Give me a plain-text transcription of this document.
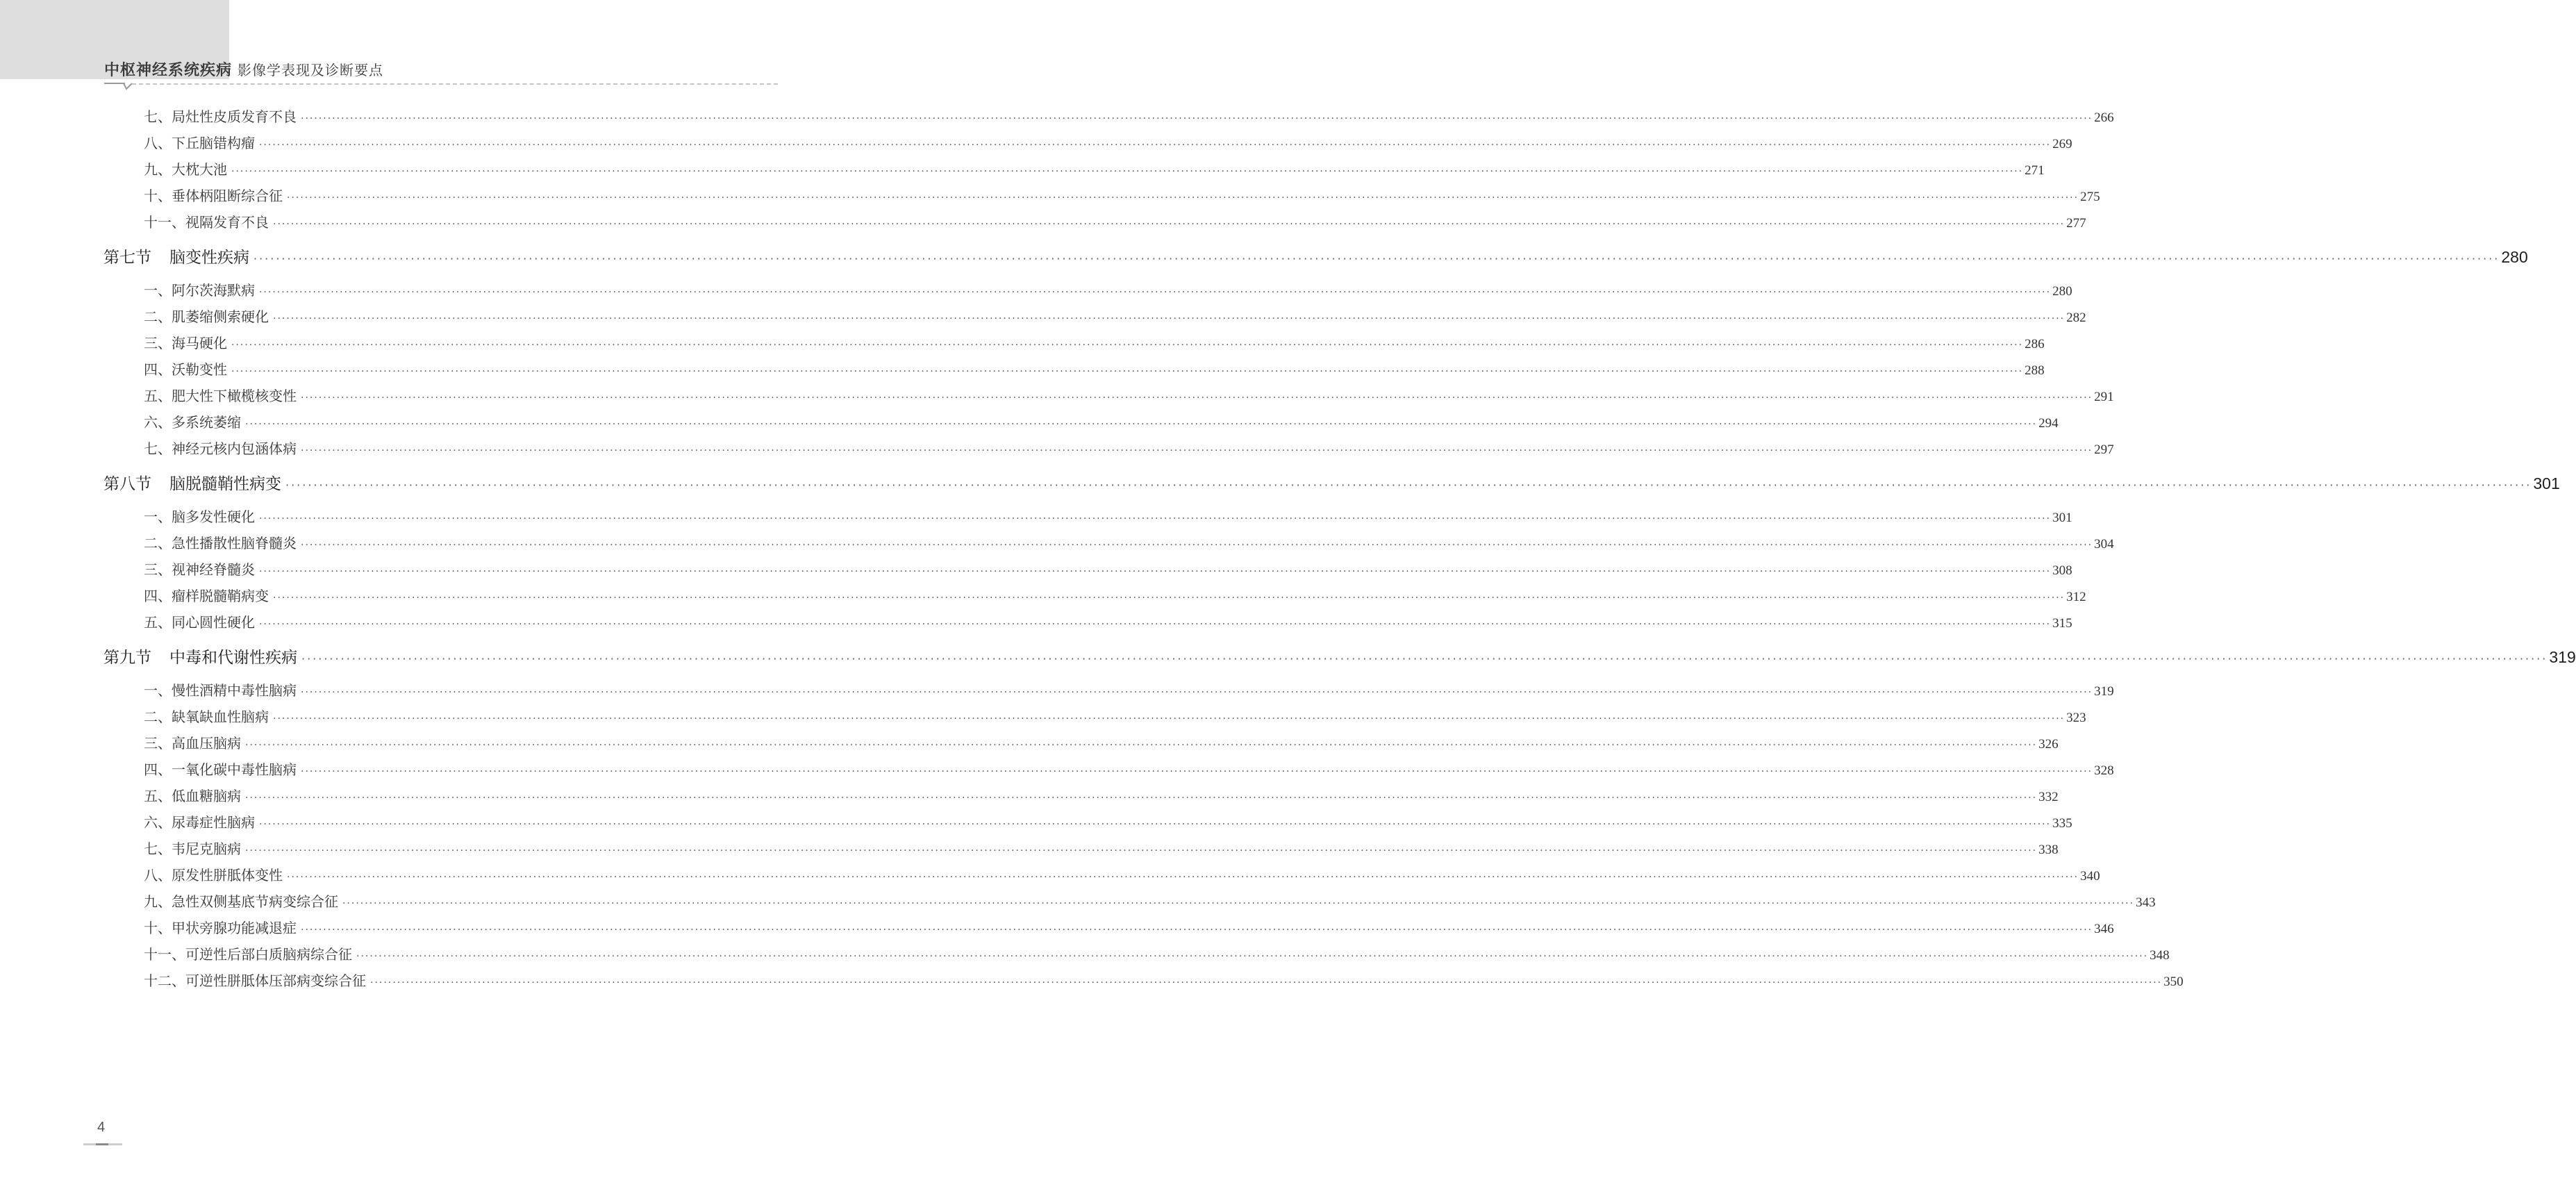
中枢神经系统疾病 影像学表现及诊断要点
七、局灶性皮质发育不良 ················································································································································································································································································································································································································ 266
八、下丘脑错构瘤 ················································································································································································································································································································································································································ 269
九、大枕大池 ················································································································································································································································································································································································································ 271
十、垂体柄阻断综合征 ················································································································································································································································································································································································································ 275
十一、视隔发育不良 ················································································································································································································································································································································································································ 277
第七节 脑变性疾病 ················································································································································································································································································································································································································ 280
一、阿尔茨海默病 ················································································································································································································································································································································································································ 280
二、肌萎缩侧索硬化 ················································································································································································································································································································································································································ 282
三、海马硬化 ················································································································································································································································································································································································································ 286
四、沃勒变性 ················································································································································································································································································································································································································ 288
五、肥大性下橄榄核变性 ················································································································································································································································································································································································································ 291
六、多系统萎缩 ················································································································································································································································································································································································································ 294
七、神经元核内包涵体病 ················································································································································································································································································································································································································ 297
第八节 脑脱髓鞘性病变 ················································································································································································································································································································································································································ 301
一、脑多发性硬化 ················································································································································································································································································································································································································ 301
二、急性播散性脑脊髓炎 ················································································································································································································································································································································································································ 304
三、视神经脊髓炎 ················································································································································································································································································································································································································ 308
四、瘤样脱髓鞘病变 ················································································································································································································································································································································································································ 312
五、同心圆性硬化 ················································································································································································································································································································································································································ 315
第九节 中毒和代谢性疾病 ················································································································································································································································································································································································································ 319
一、慢性酒精中毒性脑病 ················································································································································································································································································································································································································ 319
二、缺氧缺血性脑病 ················································································································································································································································································································································································································ 323
三、高血压脑病 ················································································································································································································································································································································································································ 326
四、一氧化碳中毒性脑病 ················································································································································································································································································································································································································ 328
五、低血糖脑病 ················································································································································································································································································································································································································ 332
六、尿毒症性脑病 ················································································································································································································································································································································································································ 335
七、韦尼克脑病 ················································································································································································································································································································································································································ 338
八、原发性胼胝体变性 ················································································································································································································································································································································································································ 340
九、急性双侧基底节病变综合征 ················································································································································································································································································································································································································ 343
十、甲状旁腺功能减退症 ················································································································································································································································································································································································································ 346
十一、可逆性后部白质脑病综合征 ················································································································································································································································································································································································································ 348
十二、可逆性胼胝体压部病变综合征 ················································································································································································································································································································································································································ 350
4
